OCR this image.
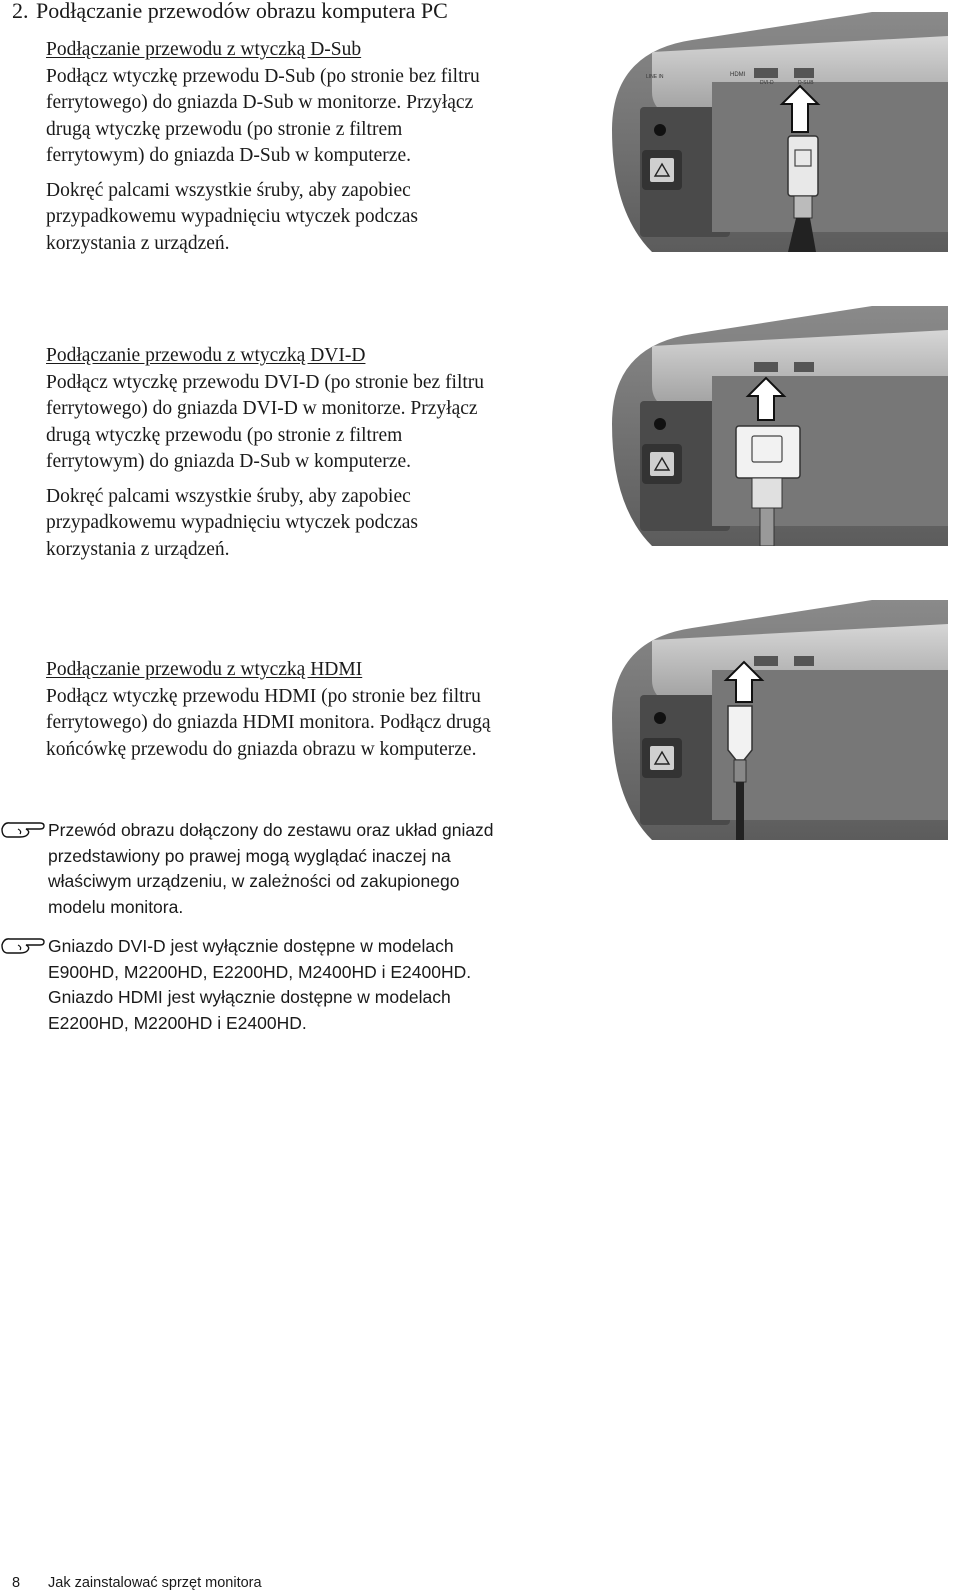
2. Podłączanie przewodów obrazu komputera PC
Podłączanie przewodu z wtyczką D-Sub

Podłącz wtyczkę przewodu D-Sub (po stronie bez filtru
ferrytowego) do gniazda D-Sub w monitorze. Przyłącz
drugą wtyczkę przewodu (po stronie z filtrem
ferrytowym) do gniazda D-Sub w komputerze.

Dokręć palcami wszystkie śruby, aby zapobiec
przypadkowemu wypadnięciu wtyczek podczas
korzystania z urządzeń.

Podłączanie przewodu z wtyczką DVI-D

Podłącz wtyczkę przewodu DVI-D (po stronie bez filtru
ferrytowego) do gniazda DVI-D w monitorze. Przyłącz
drugą wtyczkę przewodu (po stronie z filtrem
ferrytowym) do gniazda D-Sub w komputerze.

Dokręć palcami wszystkie śruby, aby zapobiec
przypadkowemu wypadnięciu wtyczek podczas
korzystania z urządzeń.

Podłączanie przewodu z wtyczką HDMI

Podłącz wtyczkę przewodu HDMI (po stronie bez filtru
ferrytowego) do gniazda HDMI monitora. Podłącz drugą
końcówkę przewodu do gniazda obrazu w komputerze.

HDMI
DVI-D	D-SUB
LINE IN
Przewód obrazu dołączony do zestawu oraz układ gniazd
przedstawiony po prawej mogą wyglądać inaczej na
właściwym urządzeniu, w zależności od zakupionego
modelu monitora.
Gniazdo DVI-D jest wyłącznie dostępne w modelach
E900HD, M2200HD, E2200HD, M2400HD i E2400HD.
Gniazdo HDMI jest wyłącznie dostępne w modelach
E2200HD, M2200HD i E2400HD.
8 Jak zainstalować sprzęt monitora
